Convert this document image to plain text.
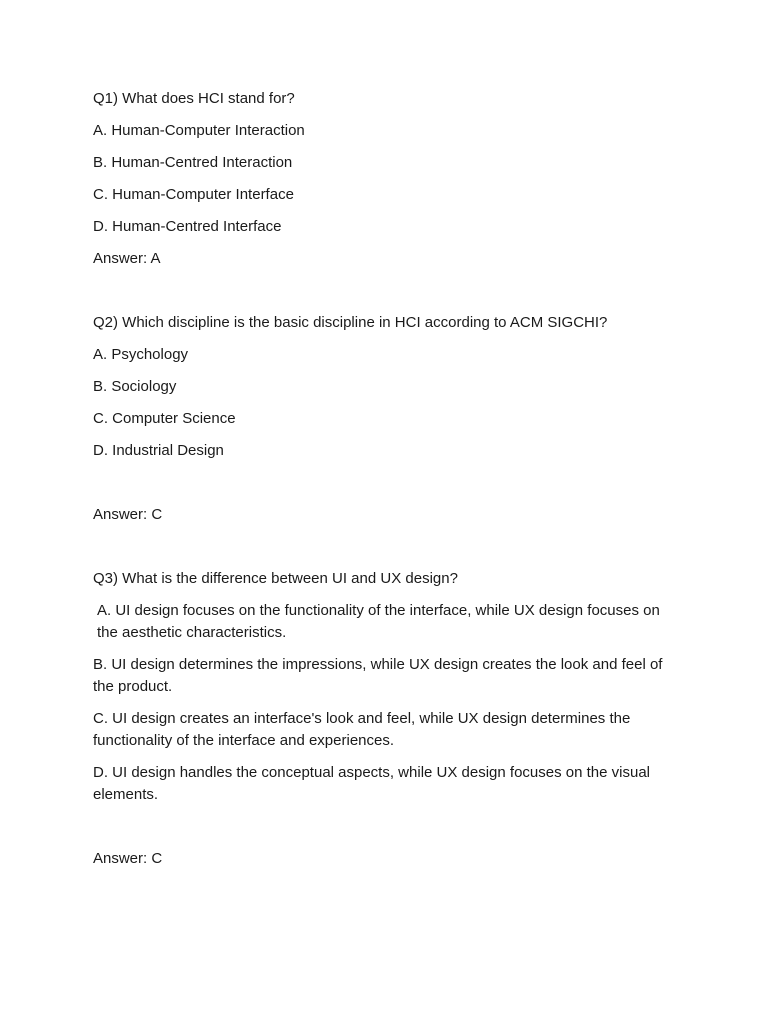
Q1) What does HCI stand for?

A. Human-Computer Interaction

B. Human-Centred Interaction

C. Human-Computer Interface

D. Human-Centred Interface

Answer: A

Q2) Which discipline is the basic discipline in HCI according to ACM SIGCHI?

A. Psychology

B. Sociology

C. Computer Science

D. Industrial Design

Answer: C

Q3) What is the difference between UI and UX design?

A. UI design focuses on the functionality of the interface, while UX design focuses on the aesthetic characteristics.

B. UI design determines the impressions, while UX design creates the look and feel of the product.

C. UI design creates an interface's look and feel, while UX design determines the functionality of the interface and experiences.

D. UI design handles the conceptual aspects, while UX design focuses on the visual elements.

Answer: C
